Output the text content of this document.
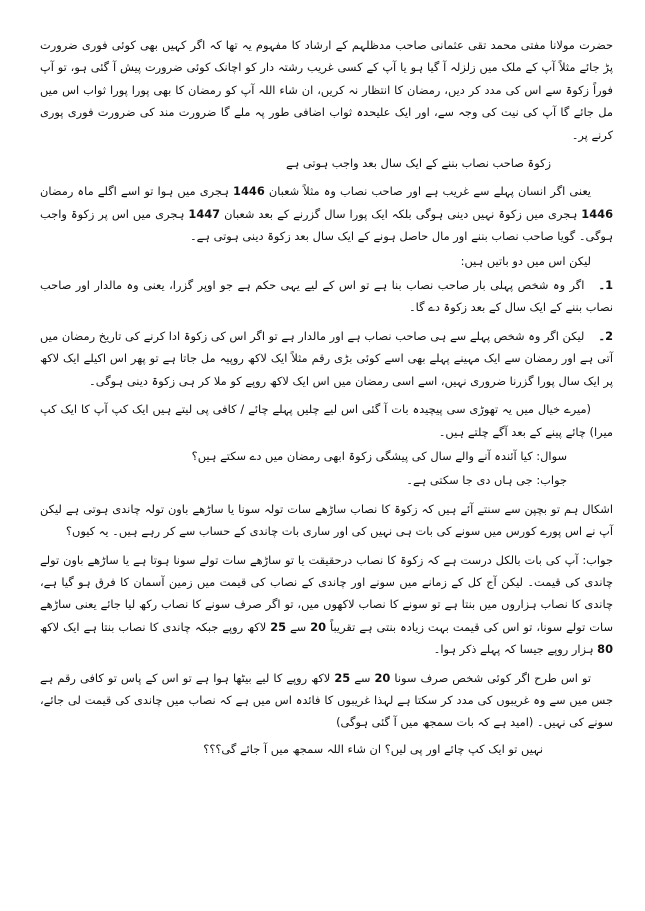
حضرت مولانا مفتی محمد تقی عثمانی صاحب مدظلہم کے ارشاد کا مفہوم یہ تھا کہ اگر کہیں بھی کوئی فوری ضرورت پڑ جائے مثلاً آپ کے ملک میں زلزلہ آ گیا ہو یا آپ کے کسی غریب رشتہ دار کو اچانک کوئی ضرورت پیش آ گئی ہو، تو آپ فوراً زکوۃ سے اس کی مدد کر دیں، رمضان کا انتظار نہ کریں، ان شاء اللہ آپ کو رمضان کا بھی پورا پورا ثواب اس میں مل جائے گا آپ کی نیت کی وجہ سے، اور ایک علیحدہ ثواب اضافی طور پہ ملے گا ضرورت مند کی ضرورت فوری پوری کرنے پر۔

زکوۃ صاحب نصاب بننے کے ایک سال بعد واجب ہوتی ہے

یعنی اگر انسان پہلے سے غریب ہے اور صاحب نصاب وہ مثلاً شعبان 1446 ہجری میں ہوا تو اسے اگلے ماہ رمضان 1446 ہجری میں زکوۃ نہیں دینی ہوگی بلکہ ایک پورا سال گزرنے کے بعد شعبان 1447 ہجری میں اس پر زکوۃ واجب ہوگی۔ گویا صاحب نصاب بننے اور مال حاصل ہونے کے ایک سال بعد زکوۃ دینی ہوتی ہے۔

لیکن اس میں دو باتیں ہیں:

1۔اگر وہ شخص پہلی بار صاحب نصاب بنا ہے تو اس کے لیے یہی حکم ہے جو اوپر گزرا، یعنی وہ مالدار اور صاحب نصاب بننے کے ایک سال کے بعد زکوۃ دے گا۔

2۔لیکن اگر وہ شخص پہلے سے ہی صاحب نصاب ہے اور مالدار ہے تو اگر اس کی زکوۃ ادا کرنے کی تاریخ رمضان میں آتی ہے اور رمضان سے ایک مہینے پہلے بھی اسے کوئی بڑی رقم مثلاً ایک لاکھ روپیہ مل جاتا ہے تو پھر اس اکیلے ایک لاکھ پر ایک سال پورا گزرنا ضروری نہیں، اسے اسی رمضان میں اس ایک لاکھ روپے کو ملا کر ہی زکوۃ دینی ہوگی۔

(میرے خیال میں یہ تھوڑی سی پیچیدہ بات آ گئی اس لیے چلیں پہلے چائے / کافی پی لیتے ہیں ایک کپ آپ کا ایک کپ میرا) چائے پینے کے بعد آگے چلتے ہیں۔

سوال: کیا آئندہ آنے والے سال کی پیشگی زکوۃ ابھی رمضان میں دے سکتے ہیں؟

جواب: جی ہاں دی جا سکتی ہے۔

اشکال ہم تو بچپن سے سنتے آئے ہیں کہ زکوۃ کا نصاب ساڑھے سات تولہ سونا یا ساڑھے باون تولہ چاندی ہوتی ہے لیکن آپ نے اس پورے کورس میں سونے کی بات ہی نہیں کی اور ساری بات چاندی کے حساب سے کر رہے ہیں۔ یہ کیوں؟

جواب: آپ کی بات بالکل درست ہے کہ زکوۃ کا نصاب درحقیقت یا تو ساڑھے سات تولے سونا ہوتا ہے یا ساڑھے باون تولے چاندی کی قیمت۔ لیکن آج کل کے زمانے میں سونے اور چاندی کے نصاب کی قیمت میں زمین آسمان کا فرق ہو گیا ہے، چاندی کا نصاب ہزاروں میں بنتا ہے تو سونے کا نصاب لاکھوں میں، تو اگر صرف سونے کا نصاب رکھ لیا جائے یعنی ساڑھے سات تولے سونا، تو اس کی قیمت بہت زیادہ بنتی ہے تقریباً 20 سے 25 لاکھ روپے جبکہ چاندی کا نصاب بنتا ہے ایک لاکھ 80 ہزار روپے جیسا کہ پہلے ذکر ہوا۔

تو اس طرح اگر کوئی شخص صرف سونا 20 سے 25 لاکھ روپے کا لیے بیٹھا ہوا ہے تو اس کے پاس تو کافی رقم ہے جس میں سے وہ غریبوں کی مدد کر سکتا ہے لہذا غریبوں کا فائدہ اس میں ہے کہ نصاب میں چاندی کی قیمت لی جائے، سونے کی نہیں۔ (امید ہے کہ بات سمجھ میں آ گئی ہوگی)

نہیں تو ایک کپ چائے اور پی لیں؟ ان شاء اللہ سمجھ میں آ جائے گی؟؟؟
